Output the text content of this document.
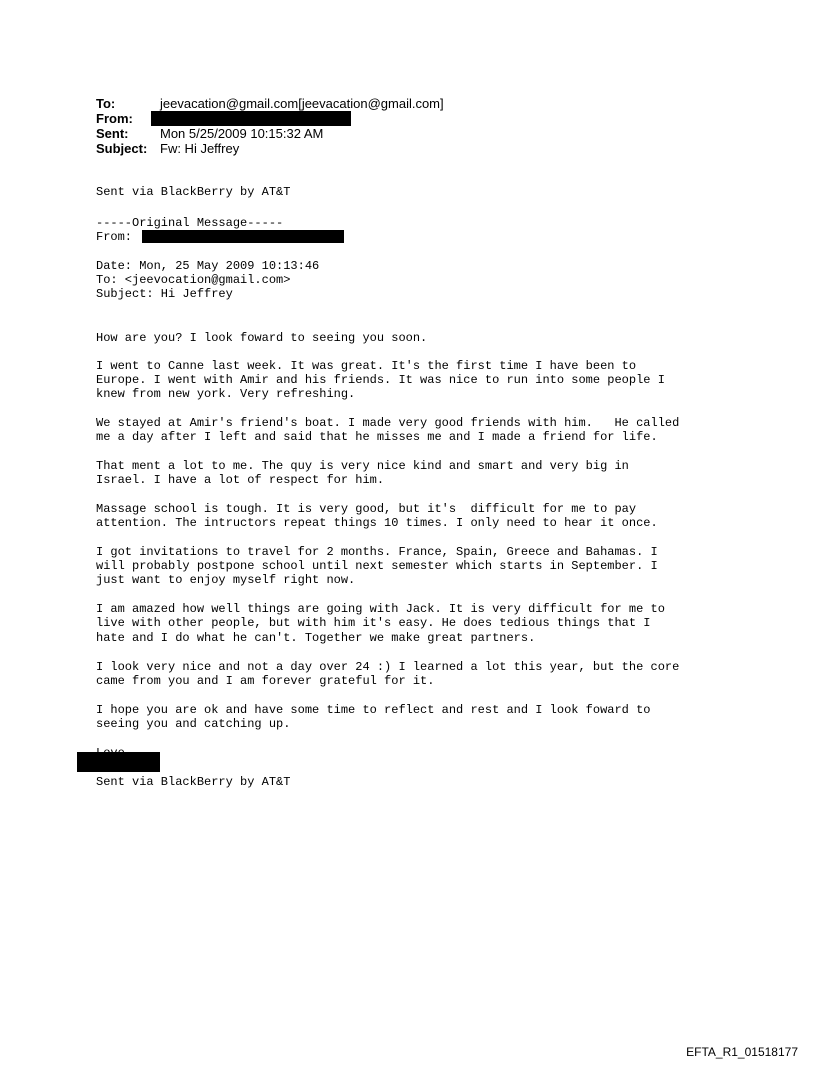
To:	jeevacation@gmail.com[jeevacation@gmail.com]
From:
Sent: Mon 5/25/2009 10:15:32 AM
Subject: Fw: Hi Jeffrey
Sent via BlackBerry by AT&T
-----Original Message-----
From:
Date: Mon, 25 May 2009 10:13:46
To: <jeevocation@gmail.com>
Subject: Hi Jeffrey
How are you? I look foward to seeing you soon.
I went to Canne last week. It was great. It's the first time I have been to
Europe. I went with Amir and his friends. It was nice to run into some people I
knew from new york. Very refreshing.
We stayed at Amir's friend's boat. I made very good friends with him.   He called
me a day after I left and said that he misses me and I made a friend for life.
That ment a lot to me. The quy is very nice kind and smart and very big in
Israel. I have a lot of respect for him.
Massage school is tough. It is very good, but it's  difficult for me to pay
attention. The intructors repeat things 10 times. I only need to hear it once.
I got invitations to travel for 2 months. France, Spain, Greece and Bahamas. I
will probably postpone school until next semester which starts in September. I
just want to enjoy myself right now.
I am amazed how well things are going with Jack. It is very difficult for me to
live with other people, but with him it's easy. He does tedious things that I
hate and I do what he can't. Together we make great partners.
I look very nice and not a day over 24 :) I learned a lot this year, but the core
came from you and I am forever grateful for it.
I hope you are ok and have some time to reflect and rest and I look foward to
seeing you and catching up.
Sent via BlackBerry by AT&T
EFTA_R1_01518177
